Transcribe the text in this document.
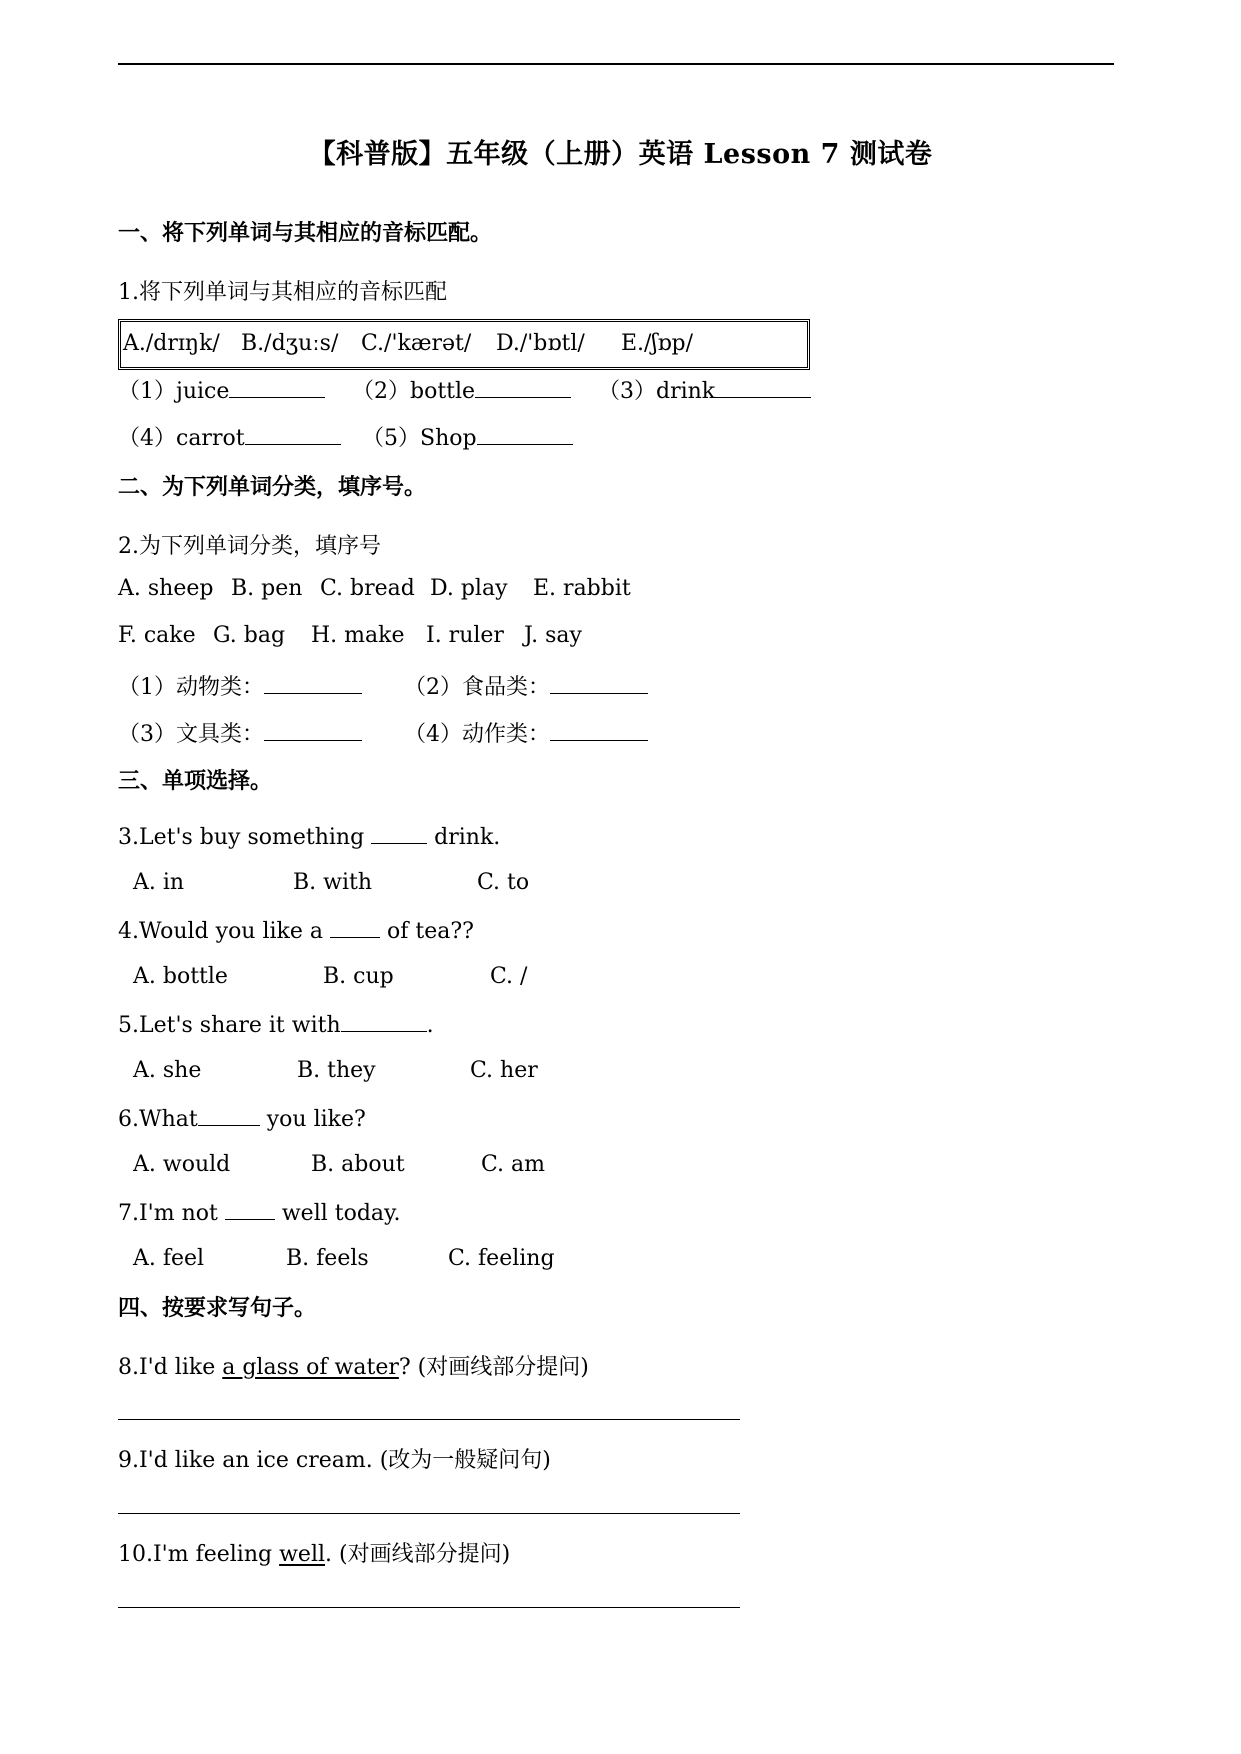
【科普版】五年级（上册）英语 Lesson 7 测试卷
一、将下列单词与其相应的音标匹配。
1.将下列单词与其相应的音标匹配
A./drɪŋk/ B./dʒuːs/ C./'kærət/ D./'bɒtl/ E./ʃɒp/
（1）juice	（2）bottle	（3）drink
（4）carrot	（5）Shop
二、为下列单词分类，填序号。
2.为下列单词分类，填序号
A. sheep B. pen C. bread D. play E. rabbit
F. cake G. bag H. make I. ruler J. say
（1）动物类：	（2）食品类：
（3）文具类：	（4）动作类：
三、单项选择。
3.Let's buy something	drink.
A. in	B. with	C. to
4.Would you like a  of tea??
A. bottle	B. cup	C. /
5.Let's share it with	.
A. she	B. they	C. her
6.What	you like?
A. would	B. about	C. am
7.I'm not  well today.
A. feel	B. feels	C. feeling
四、按要求写句子。
8.I'd like a glass of water? (对画线部分提问)
9.I'd like an ice cream. (改为一般疑问句)
10.I'm feeling well. (对画线部分提问)
